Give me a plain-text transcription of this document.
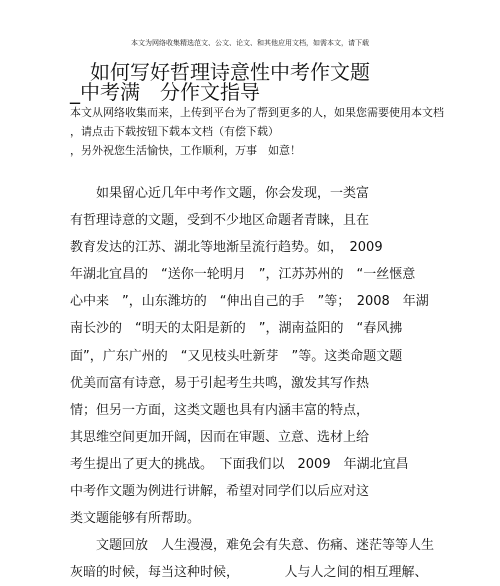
本文为网络收集精选范文、公文、论文、和其他应用文档，如需本文，请下载
　如何写好哲理诗意性中考作文题
_中考满　分作文指导
本文从网络收集而来，上传到平台为了帮到更多的人，如果您需要使用本文档
，请点击下载按钮下载本文档（有偿下载）
，另外祝您生活愉快，工作顺利，万事　如意！
　　如果留心近几年中考作文题，你会发现，一类富
有哲理诗意的文题，受到不少地区命题者青睐，且在
教育发达的江苏、湖北等地渐呈流行趋势。如，　2009
年湖北宜昌的　“送你一轮明月　”，江苏苏州的　“一丝惬意
心中来　”，山东潍坊的　“伸出自己的手　”等；　2008　年湖
南长沙的　“明天的太阳是新的　”，湖南益阳的　“春风拂
面”，广东广州的　“又见枝头吐新芽　”等。这类命题文题
优美而富有诗意，易于引起考生共鸣，激发其写作热
情；但另一方面，这类文题也具有内涵丰富的特点，
其思维空间更加开阔，因而在审题、立意、选材上给
考生提出了更大的挑战。　下面我们以　2009　年湖北宜昌
中考作文题为例进行讲解，希望对同学们以后应对这
类文题能够有所帮助。
　　文题回放　人生漫漫，难免会有失意、伤痛、迷茫等等人生
灰暗的时候，每当这种时候，　　　　人与人之间的相互理解、
